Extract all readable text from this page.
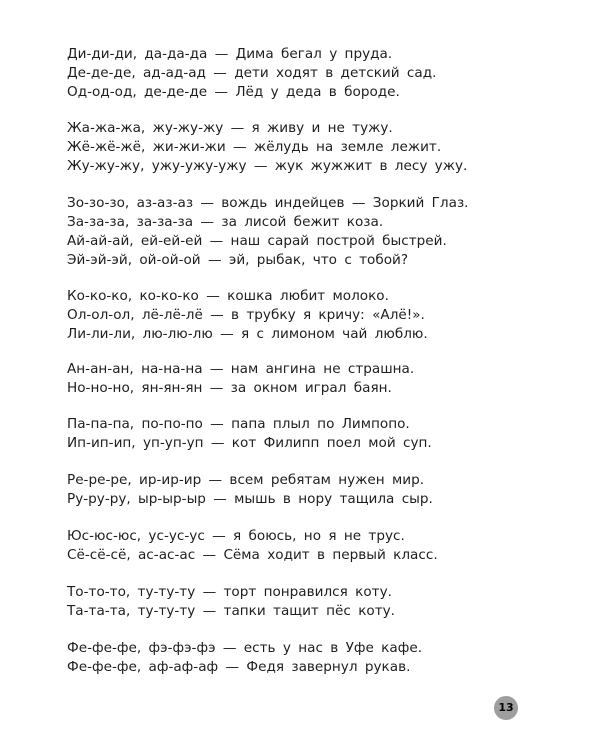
Ди-ди-ди, да-да-да — Дима бегал у пруда.
Де-де-де, ад-ад-ад — дети ходят в детский сад.
Од-од-од, де-де-де — Лёд у деда в бороде.
Жа-жа-жа, жу-жу-жу — я живу и не тужу.
Жё-жё-жё, жи-жи-жи — жёлудь на земле лежит.
Жу-жу-жу, ужу-ужу-ужу — жук жужжит в лесу ужу.
Зо-зо-зо, аз-аз-аз — вождь индейцев — Зоркий Глаз.
За-за-за, за-за-за — за лисой бежит коза.
Ай-ай-ай, ей-ей-ей — наш сарай построй быстрей.
Эй-эй-эй, ой-ой-ой — эй, рыбак, что с тобой?
Ко-ко-ко, ко-ко-ко — кошка любит молоко.
Ол-ол-ол, лё-лё-лё — в трубку я кричу: «Алё!».
Ли-ли-ли, лю-лю-лю — я с лимоном чай люблю.
Ан-ан-ан, на-на-на — нам ангина не страшна.
Но-но-но, ян-ян-ян — за окном играл баян.
Па-па-па, по-по-по — папа плыл по Лимпопо.
Ип-ип-ип, уп-уп-уп — кот Филипп поел мой суп.
Ре-ре-ре, ир-ир-ир — всем ребятам нужен мир.
Ру-ру-ру, ыр-ыр-ыр — мышь в нору тащила сыр.
Юс-юс-юс, ус-ус-ус — я боюсь, но я не трус.
Сё-сё-сё, ас-ас-ас — Сёма ходит в первый класс.
То-то-то, ту-ту-ту — торт понравился коту.
Та-та-та, ту-ту-ту — тапки тащит пёс коту.
Фе-фе-фе, фэ-фэ-фэ — есть у нас в Уфе кафе.
Фе-фе-фе, аф-аф-аф — Федя завернул рукав.
13
